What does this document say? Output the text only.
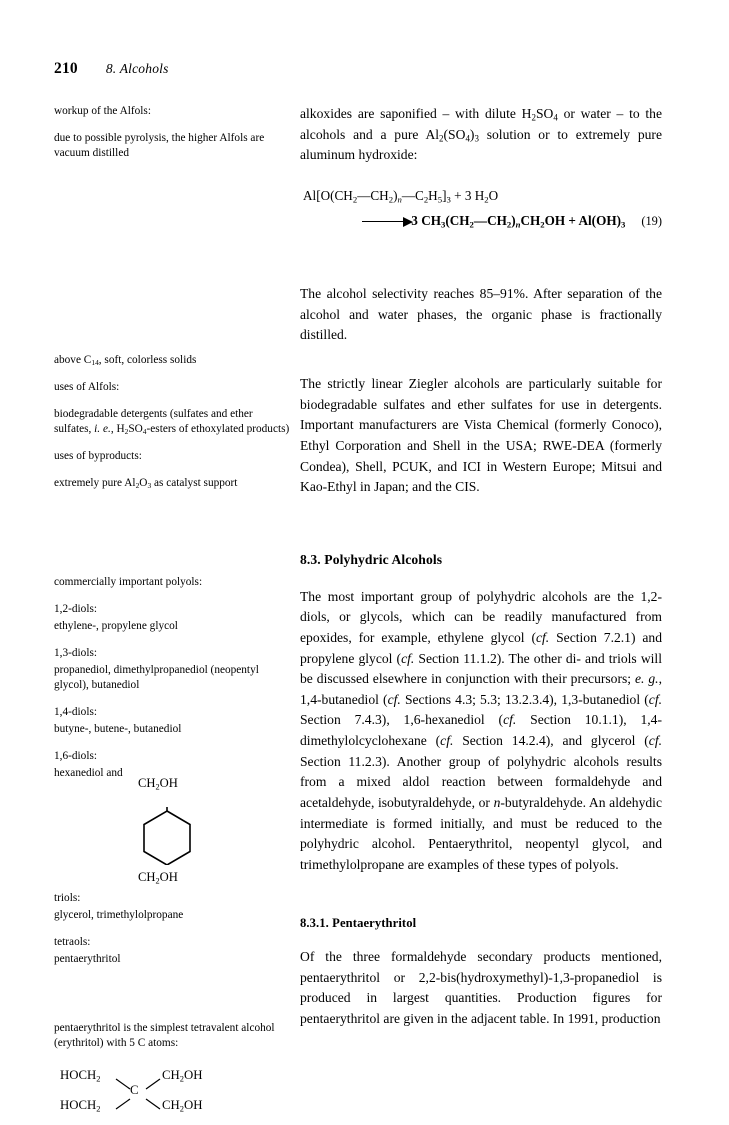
210 8. Alcohols

workup of the Alfols:

due to possible pyrolysis, the higher Alfols are vacuum distilled

above $C_{14}$, soft, colorless solids

uses of Alfols:

biodegradable detergents (sulfates and ether sulfates, i. e., $H_2SO_4$-esters of ethoxylated products)

uses of byproducts:

extremely pure $Al_2O_3$ as catalyst support

commercially important polyols:

1,2-diols:

ethylene-, propylene glycol

1,3-diols:

propanediol, dimethylpropanediol (neopentyl glycol), butanediol

1,4-diols:

butyne-, butene-, butanediol

1,6-diols:

hexanediol and

$CH_2OH$
$CH_2OH$

triols:

glycerol, trimethylolpropane

tetraols:

pentaerythritol

pentaerythritol is the simplest tetravalent alcohol (erythritol) with 5 C atoms:

$HOCH_2$
$HOCH_2$
C
$CH_2OH$
$CH_2OH$

alkoxides are saponified – with dilute $H_2SO_4$ or water – to the alcohols and a pure $Al_2(SO_4)_3$ solution or to extremely pure aluminum hydroxide:

The alcohol selectivity reaches 85–91%. After separation of the alcohol and water phases, the organic phase is fractionally distilled.

The strictly linear Ziegler alcohols are particularly suitable for biodegradable sulfates and ether sulfates for use in detergents. Important manufacturers are Vista Chemical (formerly Conoco), Ethyl Corporation and Shell in the USA; RWE-DEA (formerly Condea), Shell, PCUK, and ICI in Western Europe; Mitsui and Kao-Ethyl in Japan; and the CIS.

8.3. Polyhydric Alcohols

The most important group of polyhydric alcohols are the 1,2-diols, or glycols, which can be readily manufactured from epoxides, for example, ethylene glycol (cf. Section 7.2.1) and propylene glycol (cf. Section 11.1.2). The other di- and triols will be discussed elsewhere in conjunction with their precursors; e. g., 1,4-butanediol (cf. Sections 4.3; 5.3; 13.2.3.4), 1,3-butanediol (cf. Section 7.4.3), 1,6-hexanediol (cf. Section 10.1.1), 1,4-dimethylolcyclohexane (cf. Section 14.2.4), and glycerol (cf. Section 11.2.3). Another group of polyhydric alcohols results from a mixed aldol reaction between formaldehyde and acetaldehyde, isobutyraldehyde, or n-butyraldehyde. An aldehydic intermediate is formed initially, and must be reduced to the polyhydric alcohol. Pentaerythritol, neopentyl glycol, and trimethylolpropane are examples of these types of polyols.

8.3.1. Pentaerythritol

Of the three formaldehyde secondary products mentioned, pentaerythritol or 2,2-bis(hydroxymethyl)-1,3-propanediol is produced in largest quantities. Production figures for pentaerythritol are given in the adjacent table. In 1991, production

$Al[O(CH_2—CH_2)_n—C_2H_5]_3 + 3$ $H_2O$
3 $CH_3(CH_2—CH_2)_nCH_2OH + Al(OH)_3$ (19)
